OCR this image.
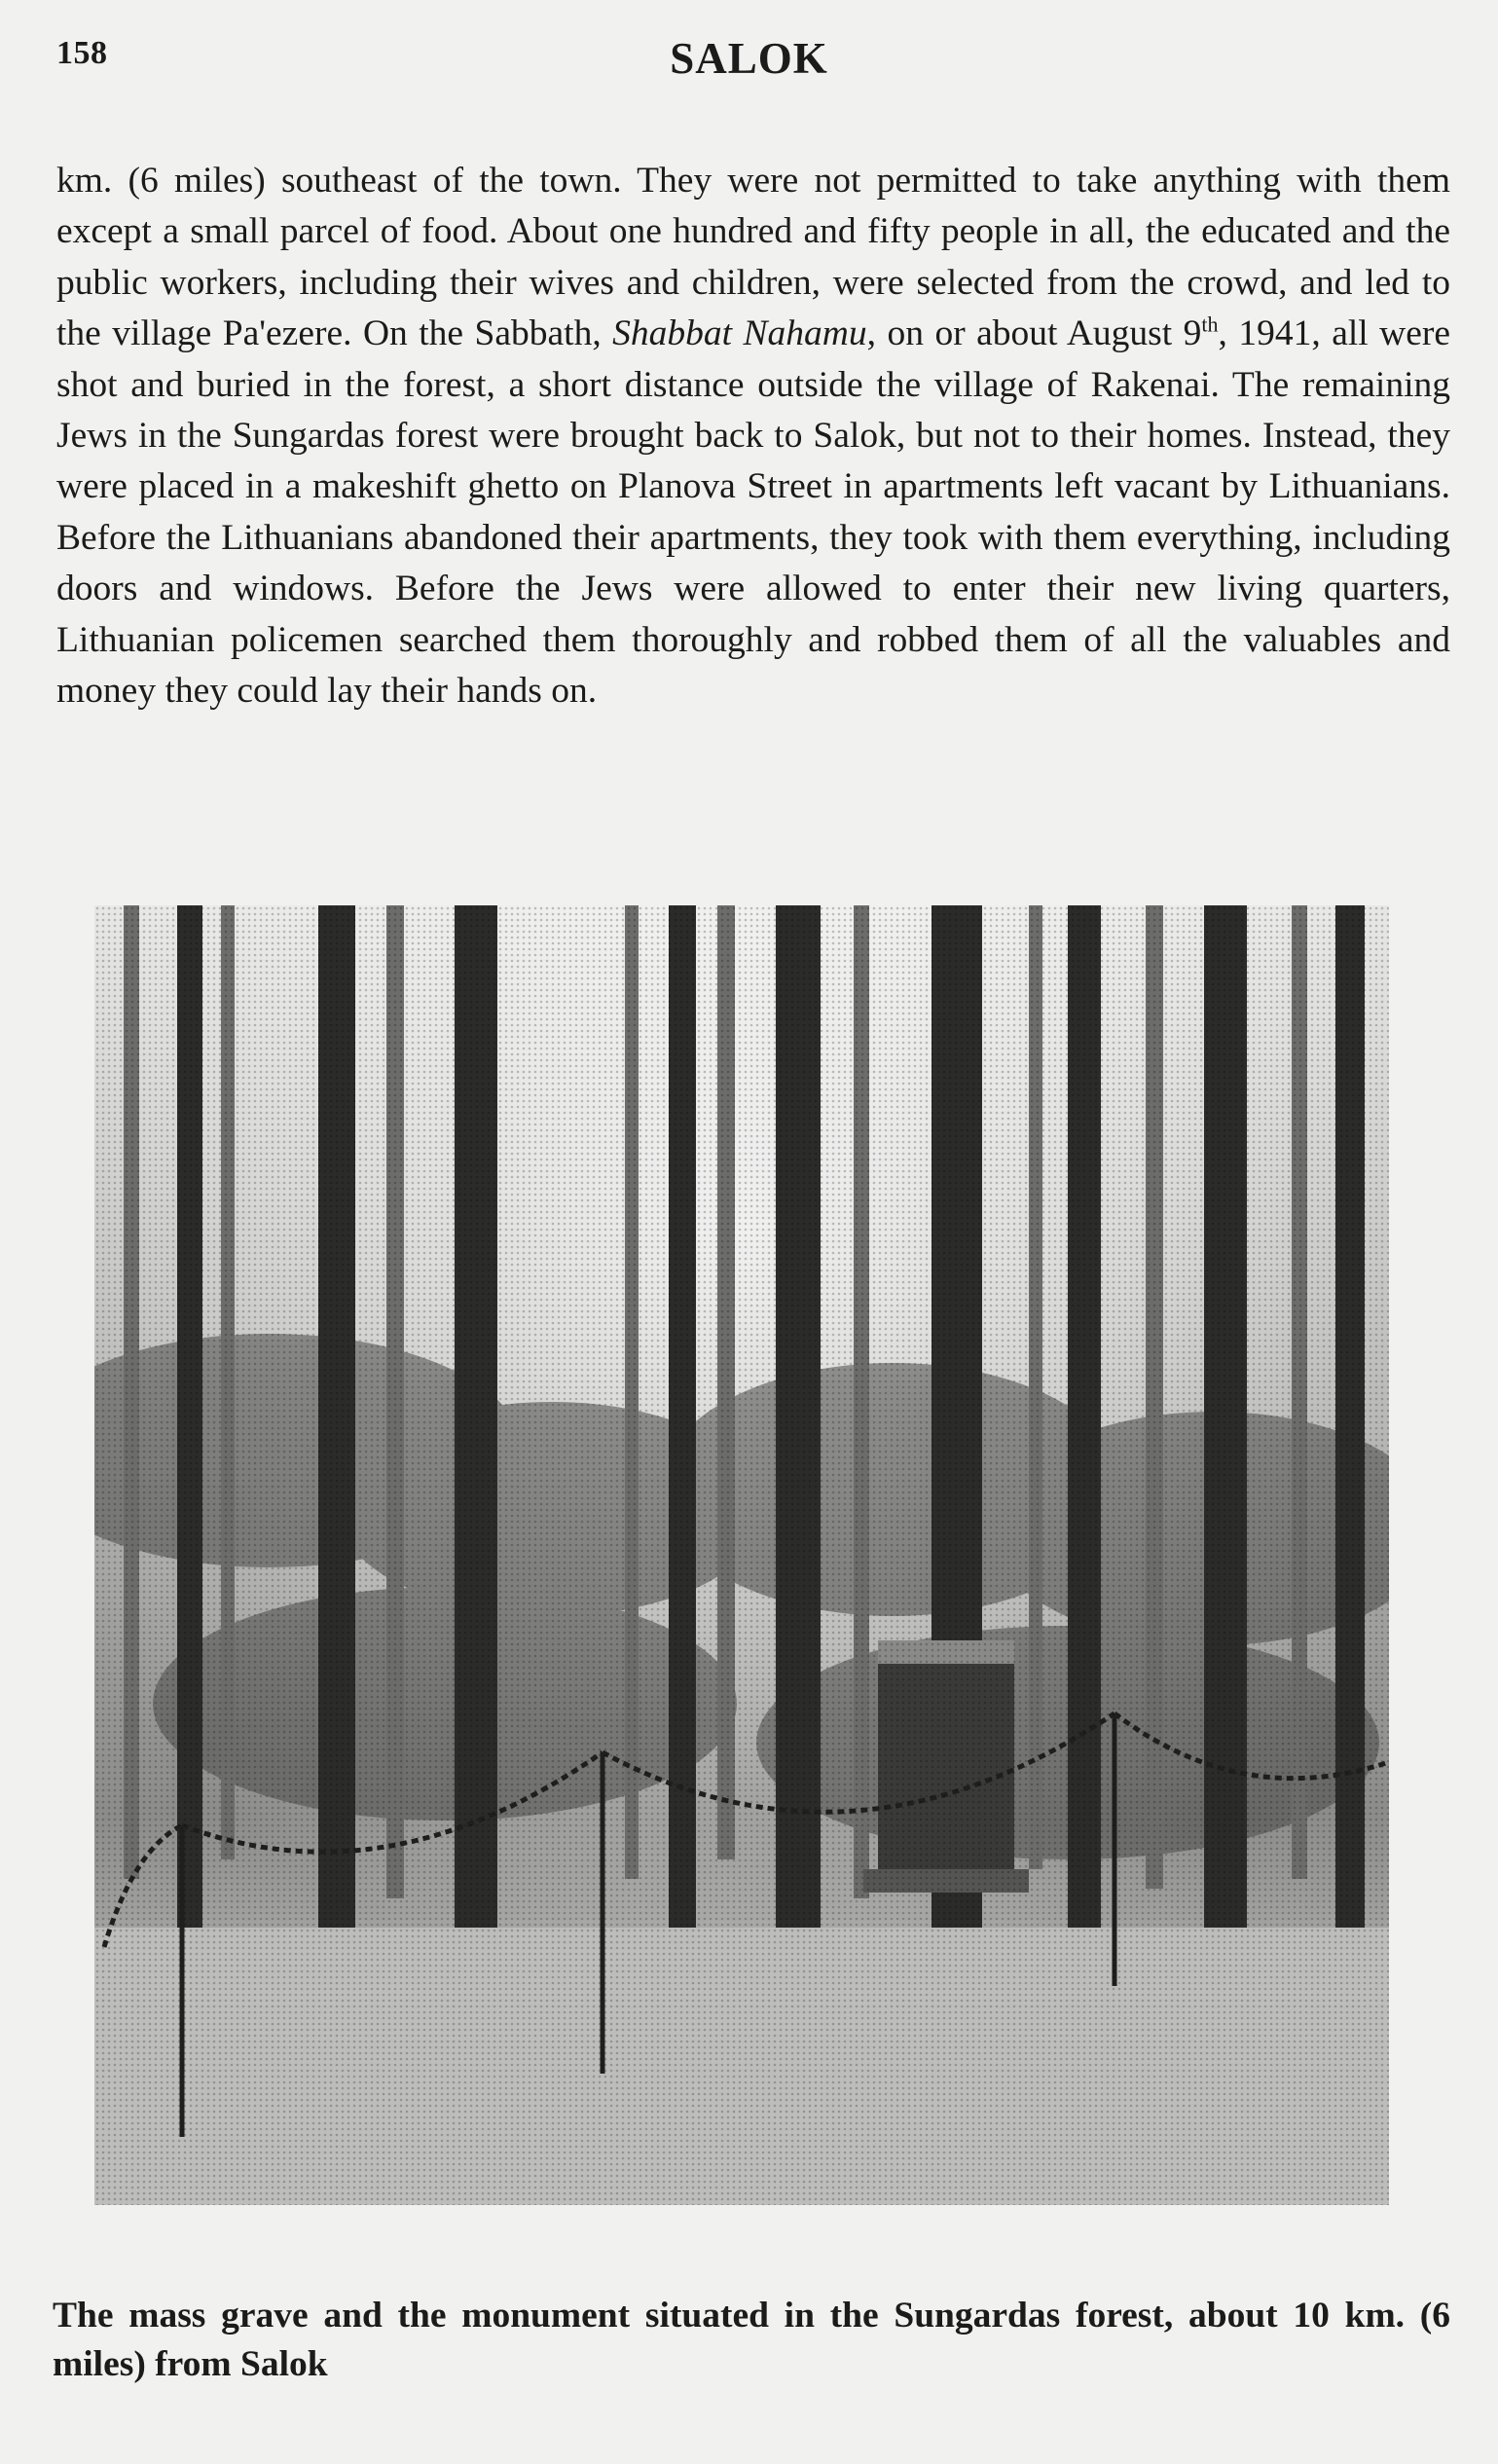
158	SALOK
km. (6 miles) southeast of the town. They were not permitted to take anything with them except a small parcel of food. About one hundred and fifty people in all, the educated and the public workers, including their wives and children, were selected from the crowd, and led to the village Pa'ezere. On the Sabbath, Shabbat Nahamu, on or about August 9th, 1941, all were shot and buried in the forest, a short distance outside the village of Rakenai. The remaining Jews in the Sungardas forest were brought back to Salok, but not to their homes. Instead, they were placed in a makeshift ghetto on Planova Street in apartments left vacant by Lithuanians. Before the Lithuanians abandoned their apartments, they took with them everything, including doors and windows. Before the Jews were allowed to enter their new living quarters, Lithuanian policemen searched them thoroughly and robbed them of all the valuables and money they could lay their hands on.
The mass grave and the monument situated in the Sungardas forest, about 10 km. (6 miles) from Salok
